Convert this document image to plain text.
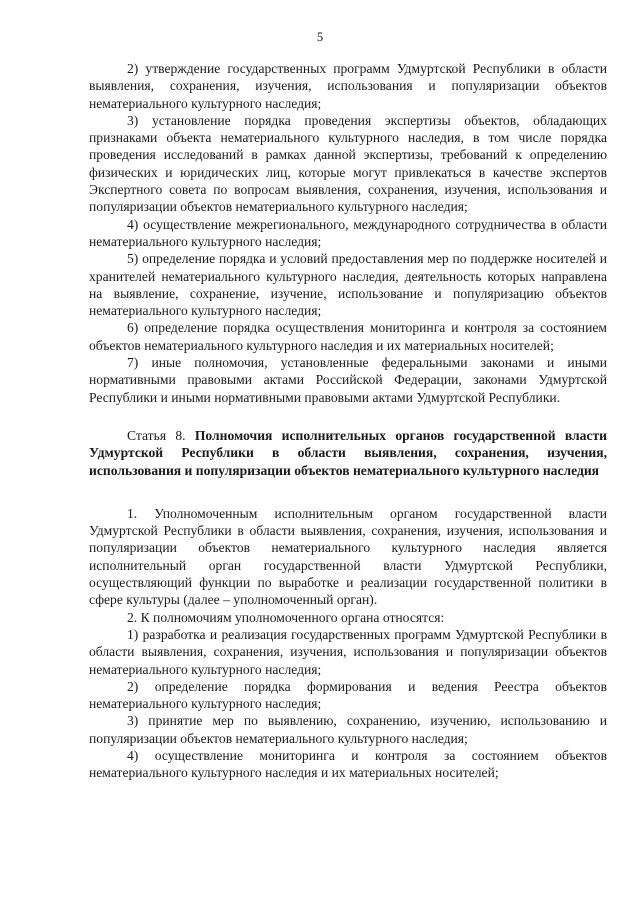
5

2) утверждение государственных программ Удмуртской Республики в области выявления, сохранения, изучения, использования и популяризации объектов нематериального культурного наследия;

3) установление порядка проведения экспертизы объектов, обладающих признаками объекта нематериального культурного наследия, в том числе порядка проведения исследований в рамках данной экспертизы, требований к определению физических и юридических лиц, которые могут привлекаться в качестве экспертов Экспертного совета по вопросам выявления, сохранения, изучения, использования и популяризации объектов нематериального культурного наследия;

4) осуществление межрегионального, международного сотрудничества в области нематериального культурного наследия;

5) определение порядка и условий предоставления мер по поддержке носителей и хранителей нематериального культурного наследия, деятельность которых направлена на выявление, сохранение, изучение, использование и популяризацию объектов нематериального культурного наследия;

6) определение порядка осуществления мониторинга и контроля за состоянием объектов нематериального культурного наследия и их материальных носителей;

7) иные полномочия, установленные федеральными законами и иными нормативными правовыми актами Российской Федерации, законами Удмуртской Республики и иными нормативными правовыми актами Удмуртской Республики.

Статья 8. Полномочия исполнительных органов государственной власти Удмуртской Республики в области выявления, сохранения, изучения, использования и популяризации объектов нематериального культурного наследия

1. Уполномоченным исполнительным органом государственной власти Удмуртской Республики в области выявления, сохранения, изучения, использования и популяризации объектов нематериального культурного наследия является исполнительный орган государственной власти Удмуртской Республики, осуществляющий функции по выработке и реализации государственной политики в сфере культуры (далее – уполномоченный орган).

2. К полномочиям уполномоченного органа относятся:

1) разработка и реализация государственных программ Удмуртской Республики в области выявления, сохранения, изучения, использования и популяризации объектов нематериального культурного наследия;

2) определение порядка формирования и ведения Реестра объектов нематериального культурного наследия;

3) принятие мер по выявлению, сохранению, изучению, использованию и популяризации объектов нематериального культурного наследия;

4) осуществление мониторинга и контроля за состоянием объектов нематериального культурного наследия и их материальных носителей;
